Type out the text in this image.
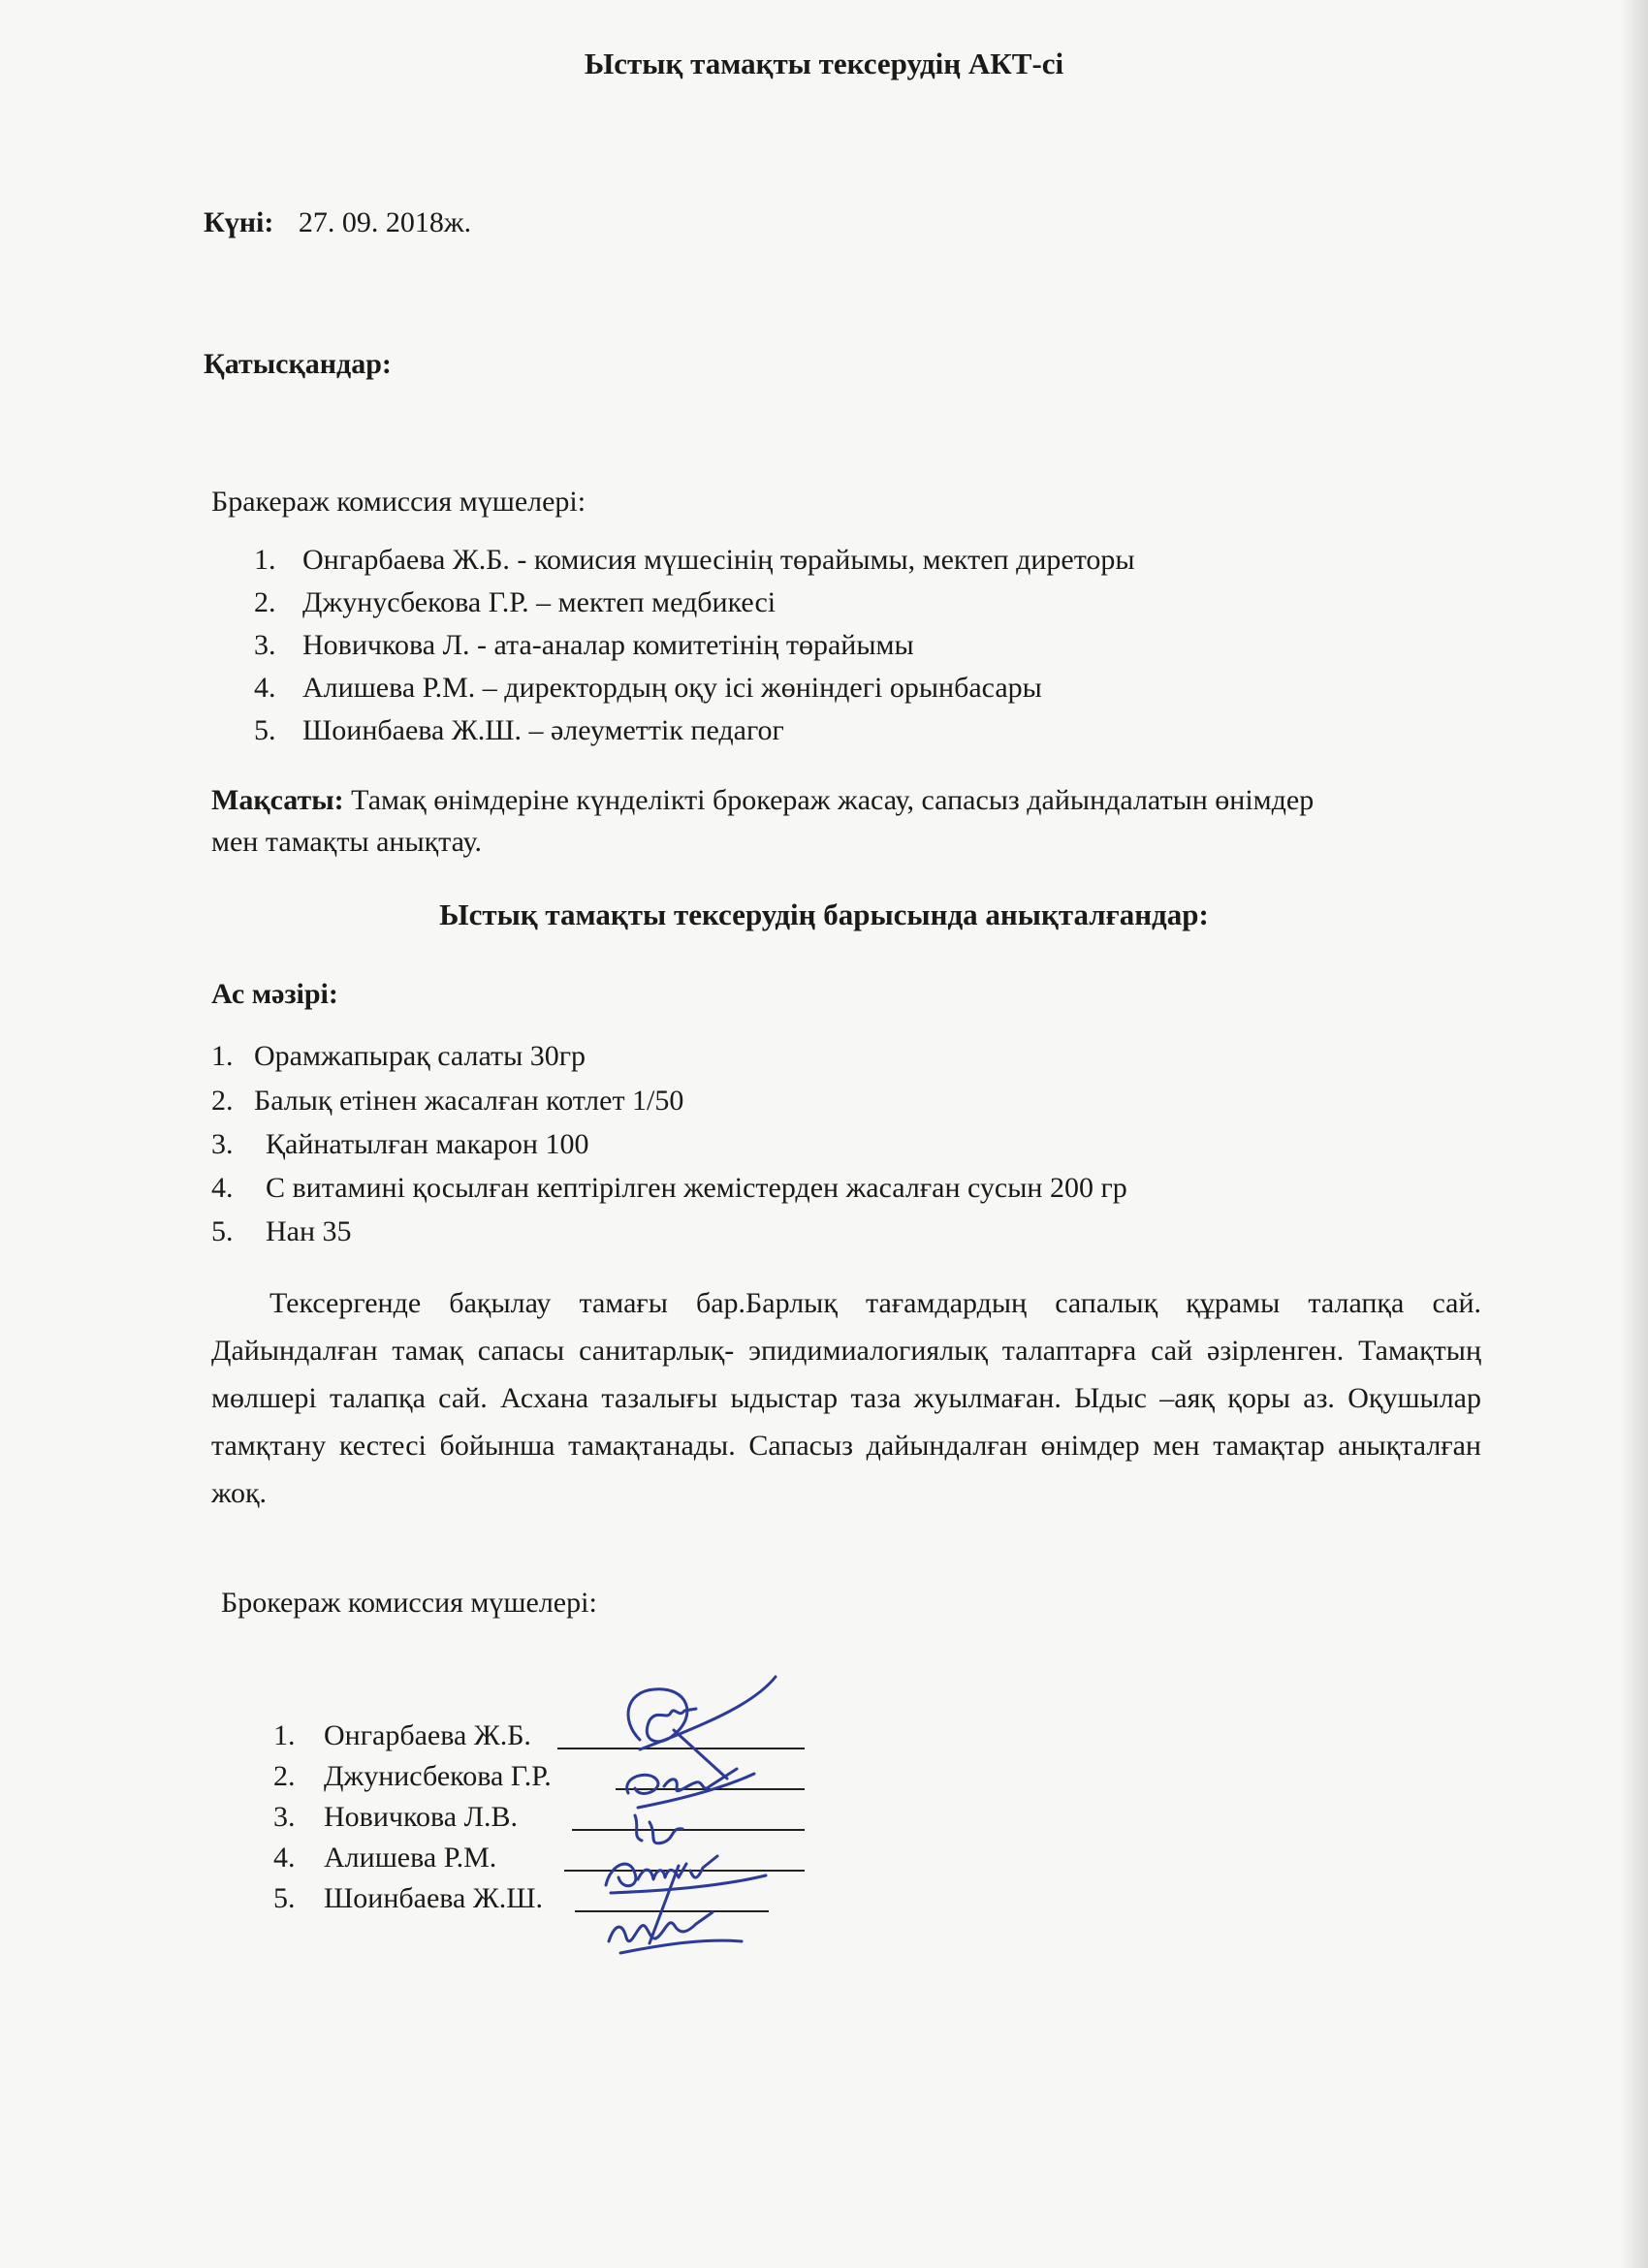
Ыстық тамақты тексерудің АКТ-сі
Күні: 27. 09. 2018ж.
Қатысқандар:
Бракераж комиссия мүшелері:
1. Онгарбаева Ж.Б. - комисия мүшесінің төрайымы, мектеп диреторы
2. Джунусбекова Г.Р. – мектеп медбикесі
3. Новичкова Л. - ата-аналар комитетінің төрайымы
4. Алишева Р.М. – директордың оқу ісі жөніндегі орынбасары
5. Шоинбаева Ж.Ш. – әлеуметтік педагог
Мақсаты: Тамақ өнімдеріне күнделікті брокераж жасау, сапасыз дайындалатын өнімдер
мен тамақты анықтау.
Ыстық тамақты тексерудің барысында анықталғандар:
Ас мәзірі:
1. Орамжапырақ салаты 30гр
2. Балық етінен жасалған котлет 1/50
3. Қайнатылған макарон 100
4. С витамині қосылған кептірілген жемістерден жасалған сусын 200 гр
5. Нан 35
Тексергенде бақылау тамағы бар.Барлық тағамдардың сапалық құрамы талапқа сай. Дайындалған тамақ сапасы санитарлық- эпидимиалогиялық талаптарға сай әзірленген. Тамақтың мөлшері талапқа сай. Асхана тазалығы ыдыстар таза жуылмаған. Ыдыс –аяқ қоры аз. Оқушылар тамқтану кестесі бойынша тамақтанады. Сапасыз дайындалған өнімдер мен тамақтар анықталған жоқ.
Брокераж комиссия мүшелері:
1. Онгарбаева Ж.Б.
2. Джунисбекова Г.Р.
3. Новичкова Л.В.
4. Алишева Р.М.
5. Шоинбаева Ж.Ш.
